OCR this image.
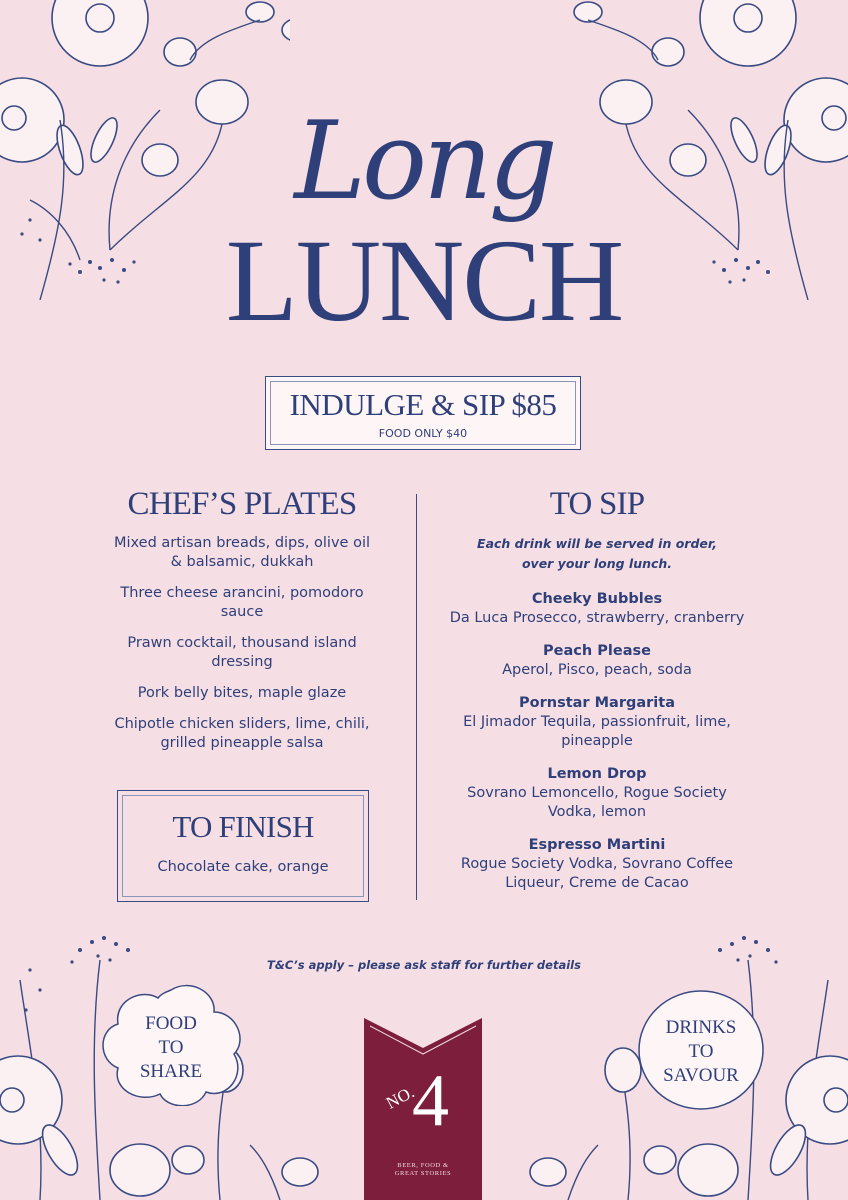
Long
LUNCH
INDULGE & SIP $85
FOOD ONLY $40
CHEF’S PLATES
Mixed artisan breads, dips, olive oil
& balsamic, dukkah
Three cheese arancini, pomodoro
sauce
Prawn cocktail, thousand island
dressing
Pork belly bites, maple glaze
Chipotle chicken sliders, lime, chili,
grilled pineapple salsa
TO FINISH
Chocolate cake, orange
TO SIP
Each drink will be served in order,
over your long lunch.
Cheeky Bubbles
Da Luca Prosecco, strawberry, cranberry
Peach Please
Aperol, Pisco, peach, soda
Pornstar Margarita
El Jimador Tequila, passionfruit, lime,
pineapple
Lemon Drop
Sovrano Lemoncello, Rogue Society
Vodka, lemon
Espresso Martini
Rogue Society Vodka, Sovrano Coffee
Liqueur, Creme de Cacao
T&C’s apply – please ask staff for further details
FOOD
TO
SHARE
DRINKS
TO
SAVOUR
NO.
4
BEER, FOOD &
GREAT STORIES
